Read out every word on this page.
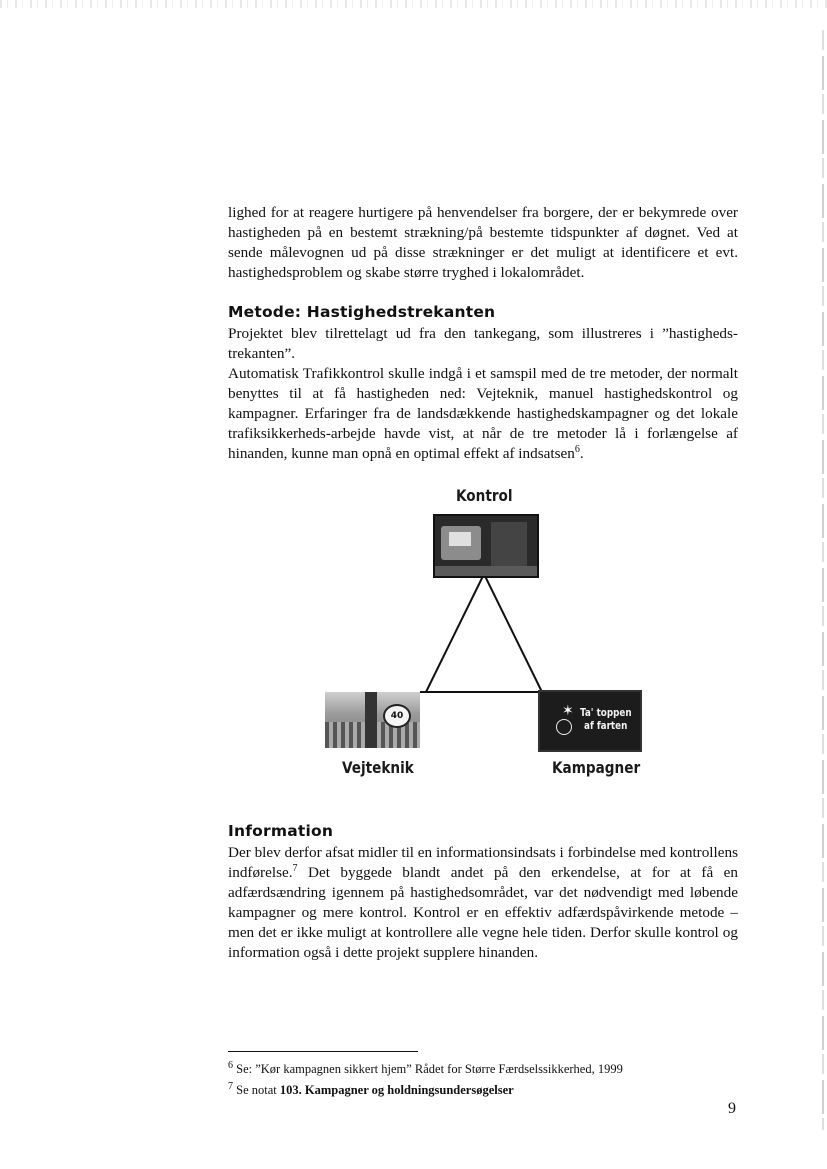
lighed for at reagere hurtigere på henvendelser fra borgere, der er bekymrede over hastigheden på en bestemt strækning/på bestemte tidspunkter af døgnet. Ved at sende målevognen ud på disse strækninger er det muligt at identificere et evt. hastighedsproblem og skabe større tryghed i lokalområdet.

Metode: Hastighedstrekanten

Projektet blev tilrettelagt ud fra den tankegang, som illustreres i ”hastigheds-trekanten”.

Automatisk Trafikkontrol skulle indgå i et samspil med de tre metoder, der normalt benyttes til at få hastigheden ned: Vejteknik, manuel hastighedskontrol og kampagner. Erfaringer fra de landsdækkende hastighedskampagner og det lokale trafiksikkerheds-arbejde havde vist, at når de tre metoder lå i forlængelse af hinanden, kunne man opnå en optimal effekt af indsatsen$^6$.

Kontrol
40	✶ Ta' toppen
af farten
Vejteknik	Kampagner
Information

Der blev derfor afsat midler til en informationsindsats i forbindelse med kontrollens indførelse.$^7$ Det byggede blandt andet på den erkendelse, at for at få en adfærdsændring igennem på hastighedsområdet, var det nødvendigt med løbende kampagner og mere kontrol. Kontrol er en effektiv adfærdspåvirkende metode – men det er ikke muligt at kontrollere alle vegne hele tiden. Derfor skulle kontrol og information også i dette projekt supplere hinanden.

$^6$ Se: ”Kør kampagnen sikkert hjem” Rådet for Større Færdselssikkerhed, 1999
$^7$ Se notat 103. Kampagner og holdningsundersøgelser
9
